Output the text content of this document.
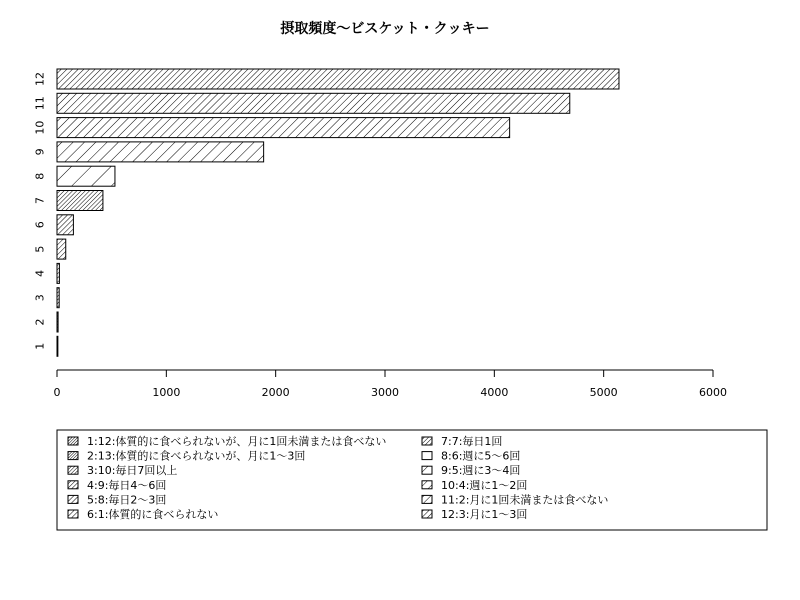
摂取頻度～ビスケット・クッキー
1
2
3
4
5
6
7
8
9
10
11
12
0	1000	2000	3000	4000	5000	6000
1:12:体質的に食べられないが、月に1回未満または食べない
2:13:体質的に食べられないが、月に1～3回
3:10:毎日7回以上
4:9:毎日4～6回
5:8:毎日2～3回
6:1:体質的に食べられない
7:7:毎日1回
8:6:週に5～6回
9:5:週に3～4回
10:4:週に1～2回
11:2:月に1回未満または食べない
12:3:月に1～3回
